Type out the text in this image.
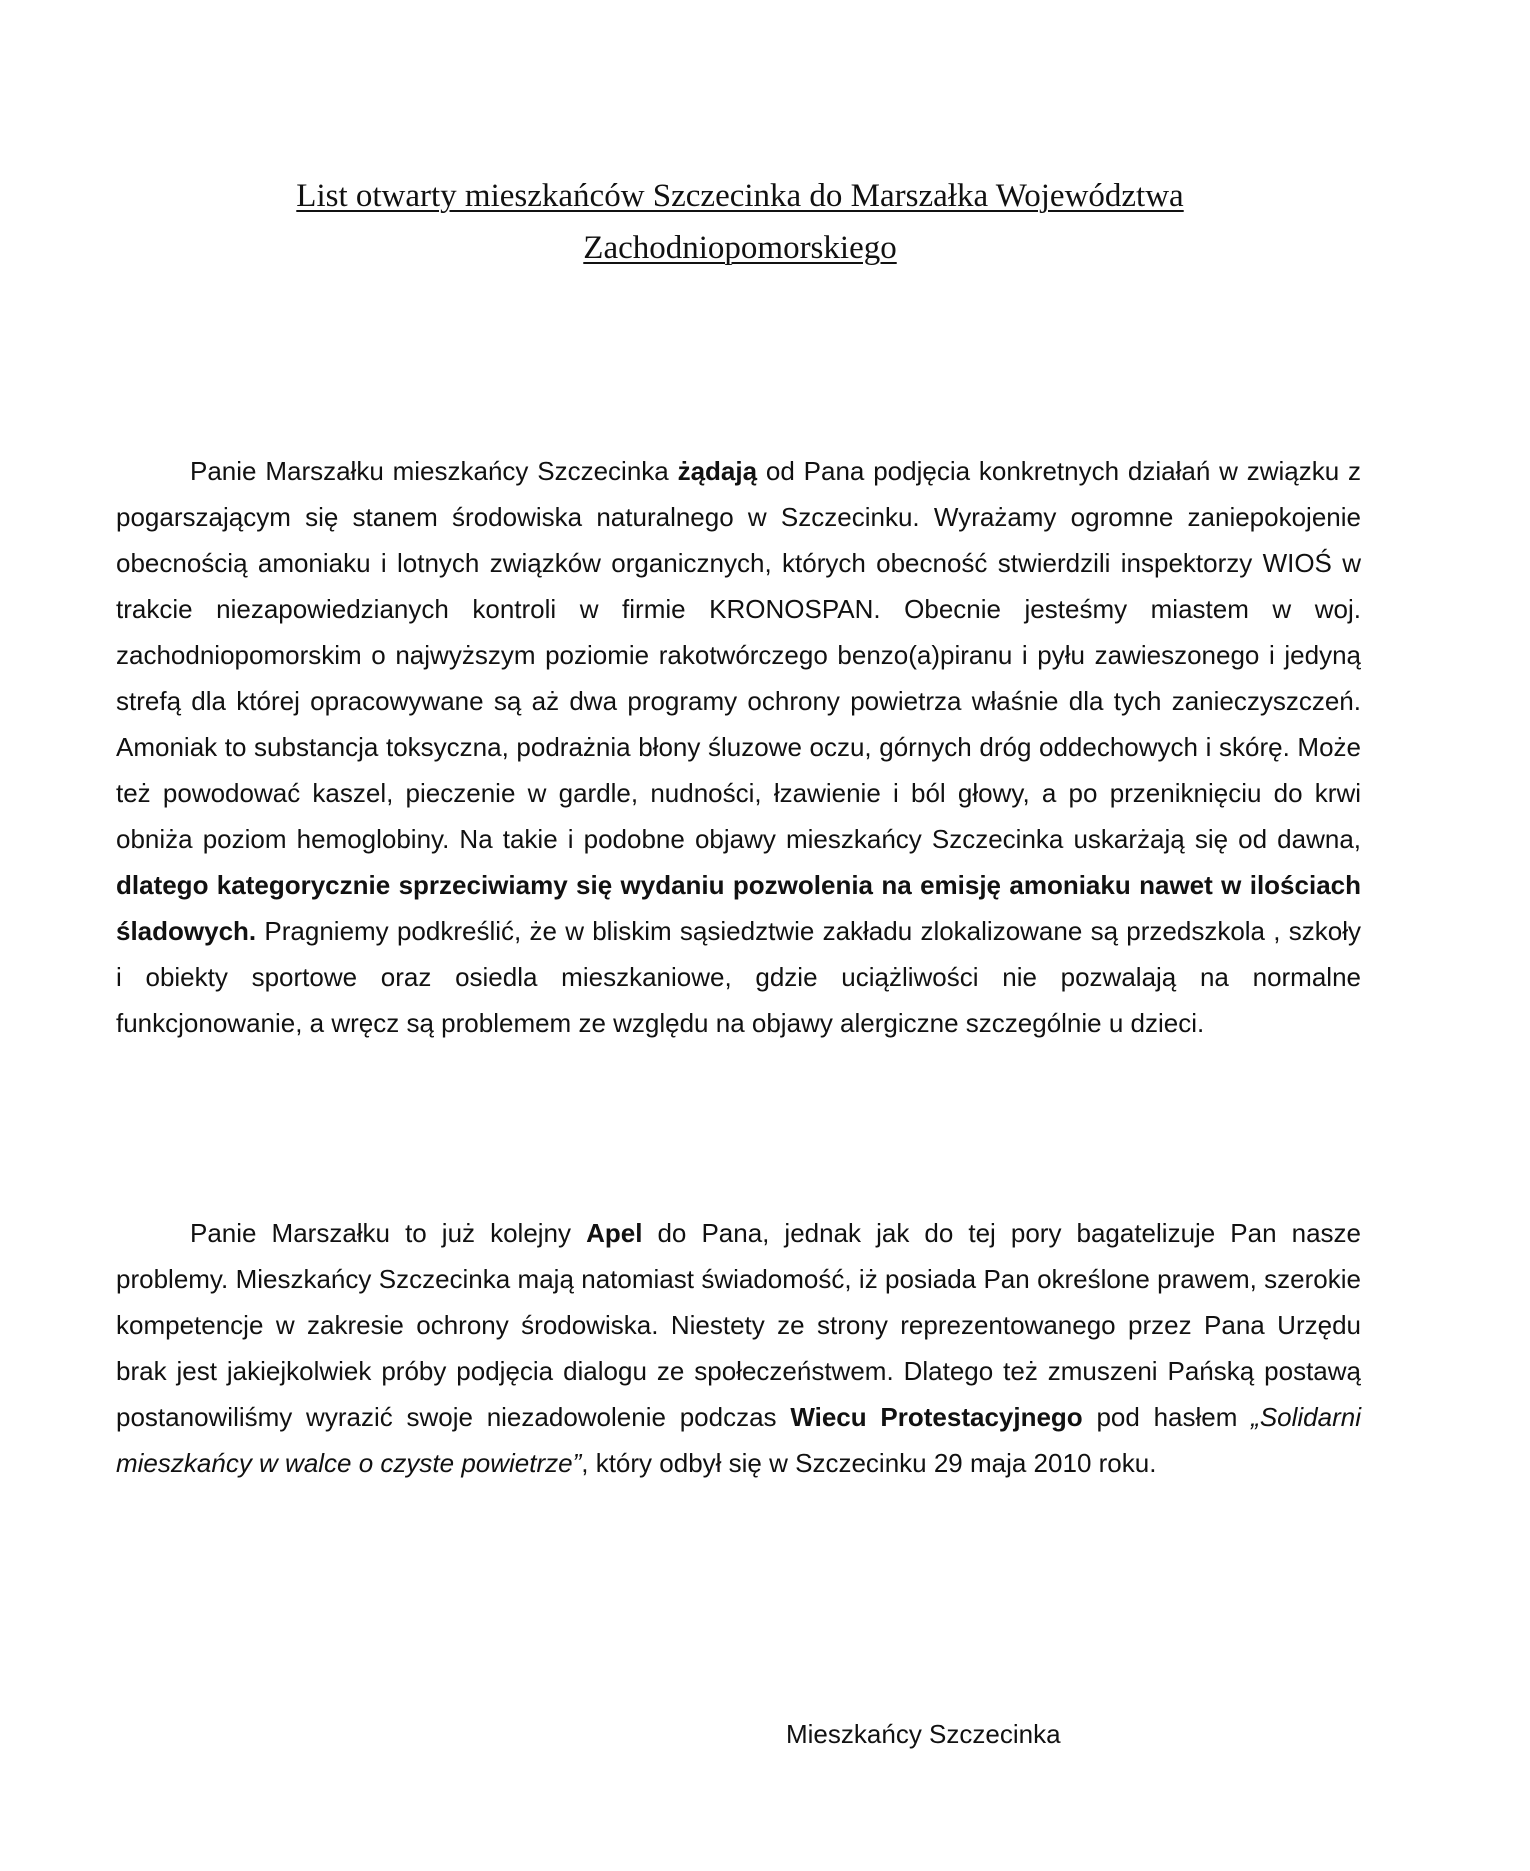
List otwarty mieszkańców Szczecinka do Marszałka Województwa
Zachodniopomorskiego

Panie Marszałku mieszkańcy Szczecinka żądają od Pana podjęcia konkretnych działań w związku z pogarszającym się stanem środowiska naturalnego w Szczecinku. Wyrażamy ogromne zaniepokojenie obecnością amoniaku i lotnych związków organicznych, których obecność stwierdzili inspektorzy WIOŚ w trakcie niezapowiedzianych kontroli w firmie KRONOSPAN. Obecnie jesteśmy miastem w woj. zachodniopomorskim o najwyższym poziomie rakotwórczego benzo(a)piranu i pyłu zawieszonego i jedyną strefą dla której opracowywane są aż dwa programy ochrony powietrza właśnie dla tych zanieczyszczeń. Amoniak to substancja toksyczna, podrażnia błony śluzowe oczu, górnych dróg oddechowych i skórę. Może też powodować kaszel, pieczenie w gardle, nudności, łzawienie i ból głowy, a po przeniknięciu do krwi obniża poziom hemoglobiny. Na takie i podobne objawy mieszkańcy Szczecinka uskarżają się od dawna, dlatego kategorycznie sprzeciwiamy się wydaniu pozwolenia na emisję amoniaku nawet w ilościach śladowych. Pragniemy podkreślić, że w bliskim sąsiedztwie zakładu zlokalizowane są przedszkola , szkoły i obiekty sportowe oraz osiedla mieszkaniowe, gdzie uciążliwości nie pozwalają na normalne funkcjonowanie, a wręcz są problemem ze względu na objawy alergiczne szczególnie u dzieci.

Panie Marszałku to już kolejny Apel do Pana, jednak jak do tej pory bagatelizuje Pan nasze problemy. Mieszkańcy Szczecinka mają natomiast świadomość, iż posiada Pan określone prawem, szerokie kompetencje w zakresie ochrony środowiska. Niestety ze strony reprezentowanego przez Pana Urzędu brak jest jakiejkolwiek próby podjęcia dialogu ze społeczeństwem. Dlatego też zmuszeni Pańską postawą postanowiliśmy wyrazić swoje niezadowolenie podczas Wiecu Protestacyjnego pod hasłem „Solidarni mieszkańcy w walce o czyste powietrze”, który odbył się w Szczecinku 29 maja 2010 roku.

Mieszkańcy Szczecinka
